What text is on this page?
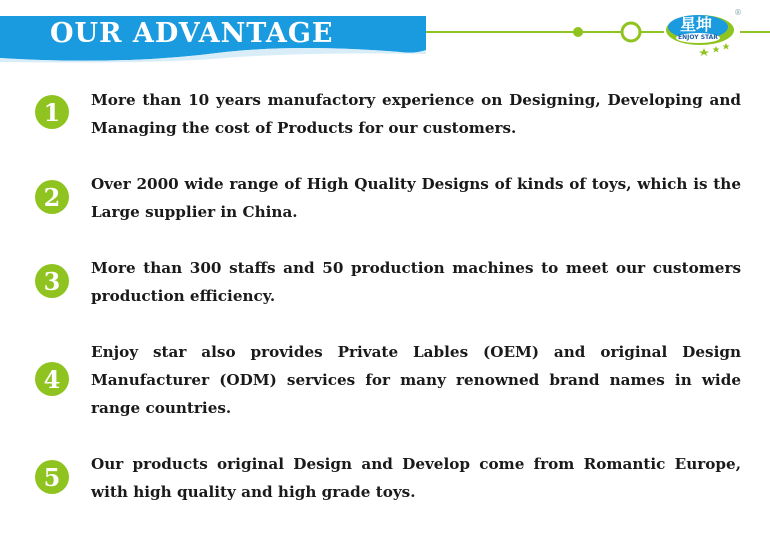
OUR ADVANTAGE	星坤
ENJOY STAR
®
1	More than 10 years manufactory experience on Designing, Developing and Managing the cost of Products for our customers.

2	Over 2000 wide range of High Quality Designs of kinds of toys, which is the Large supplier in China.

3	More than 300 staffs and 50 production machines to meet our customers production efficiency.

4

Enjoy star also provides Private Lables (OEM) and original Design Manufacturer (ODM) services for many renowned brand names in wide range countries.

5	Our products original Design and Develop come from Romantic Europe, with high quality and high grade toys.
